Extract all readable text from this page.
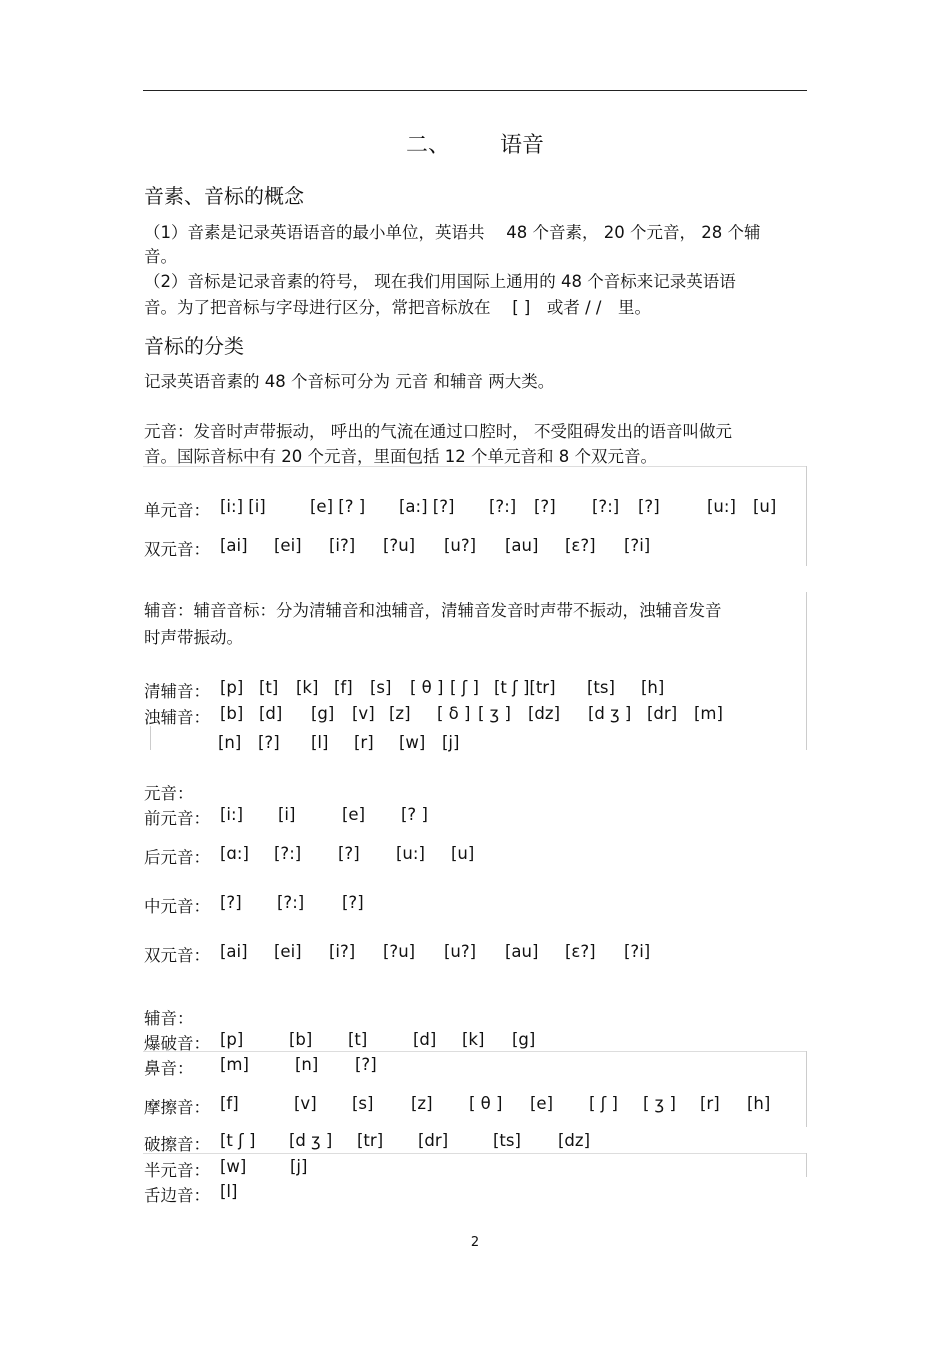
二、 语音
音素、音标的概念
（1）音素是记录英语语音的最小单位，英语共　 48 个音素， 20 个元音， 28 个辅
音。
（2）音标是记录音素的符号， 现在我们用国际上通用的 48 个音标来记录英语语
音。为了把音标与字母进行区分，常把音标放在　 [ ]　或者 / /　里。
音标的分类
记录英语音素的 48 个音标可分为 元音 和辅音 两大类。
元音：发音时声带振动， 呼出的气流在通过口腔时， 不受阻碍发出的语音叫做元
音。国际音标中有 20 个元音，里面包括 12 个单元音和 8 个双元音。
单元音： [i:] [i]	[e] [? ] [a:] [?] [?:] [?] [?:] [?]	[u:] [u]
双元音： [ai] [ei] [i?] [?u] [u?] [au] [ε?] [?i]
辅音：辅音音标：分为清辅音和浊辅音，清辅音发音时声带不振动，浊辅音发音
时声带振动。
清辅音： [p] [t] [k] [f] [s] [ θ ] [ ʃ ] [t ʃ ][tr] [ts] [h]
浊辅音： [b] [d] [g] [v] [z] [ δ ] [ ʒ ] [dz] [d ʒ ] [dr] [m]
[n] [?] [l] [r] [w] [j]
元音：
前元音： [i:] [i]	[e] [? ]
后元音： [ɑ:] [?:] [?] [u:] [u]
中元音： [?] [?:] [?]
双元音： [ai] [ei] [i?] [?u] [u?] [au] [ε?] [?i]
辅音：
爆破音： [p]	[b] [t]	[d] [k] [g]
鼻音： [m]	[n] [?]
摩擦音： [f]	[v] [s] [z] [ θ ] [e] [ ʃ ] [ ʒ ] [r] [h]
破擦音： [t ʃ ] [d ʒ ] [tr] [dr]	[ts] [dz]
半元音： [w]	[j]
舌边音： [l]
2
